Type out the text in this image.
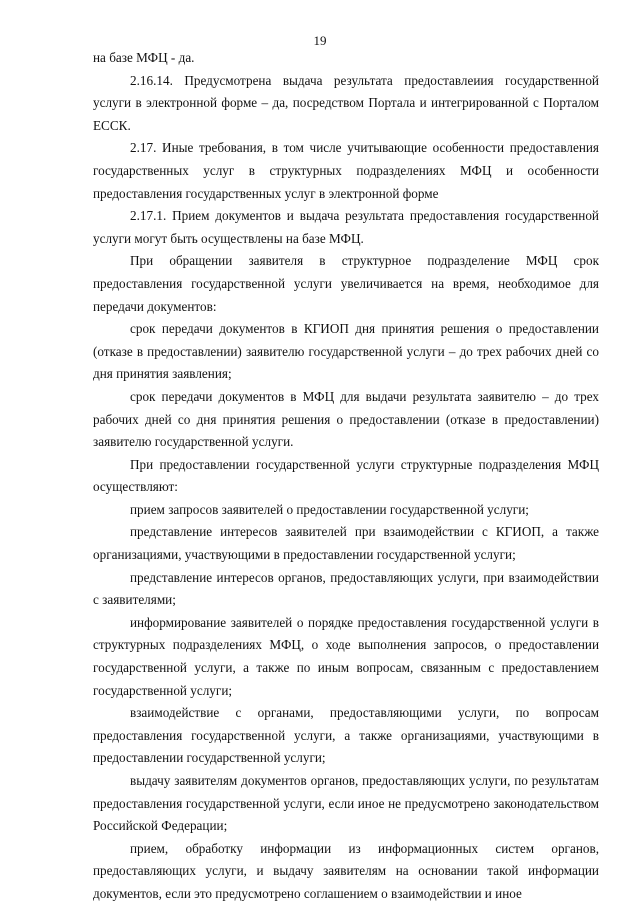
19

на базе МФЦ - да.

2.16.14. Предусмотрена выдача результата предоставлеиия государственной услуги в электронной форме – да, посредством Портала и интегрированной с Порталом ЕССК.

2.17. Иные требования, в том числе учитывающие особенности предоставления государственных услуг в структурных подразделениях МФЦ и особенности предоставления государственных услуг в электронной форме

2.17.1. Прием документов и выдача результата предоставления государственной услуги могут быть осуществлены на базе МФЦ.

При обращении заявителя в структурное подразделение МФЦ срок предоставления государственной услуги увеличивается на время, необходимое для передачи документов:

срок передачи документов в КГИОП дня принятия решения о предоставлении (отказе в предоставлении) заявителю государственной услуги – до трех рабочих дней со дня принятия заявления;

срок передачи документов в МФЦ для выдачи результата заявителю – до трех рабочих дней со дня принятия решения о предоставлении (отказе в предоставлении) заявителю государственной услуги.

При предоставлении государственной услуги структурные подразделения МФЦ осуществляют:

прием запросов заявителей о предоставлении государственной услуги;

представление интересов заявителей при взаимодействии с КГИОП, а также организациями, участвующими в предоставлении государственной услуги;

представление интересов органов, предоставляющих услуги, при взаимодействии с заявителями;

информирование заявителей о порядке предоставления государственной услуги в структурных подразделениях МФЦ, о ходе выполнения запросов, о предоставлении государственной услуги, а также по иным вопросам, связанным с предоставлением государственной услуги;

взаимодействие с органами, предоставляющими услуги, по вопросам предоставления государственной услуги, а также организациями, участвующими в предоставлении государственной услуги;

выдачу заявителям документов органов, предоставляющих услуги, по результатам предоставления государственной услуги, если иное не предусмотрено законодательством Российской Федерации;

прием, обработку информации из информационных систем органов, предоставляющих услуги, и выдачу заявителям на основании такой информации документов, если это предусмотрено соглашением о взаимодействии и иное
